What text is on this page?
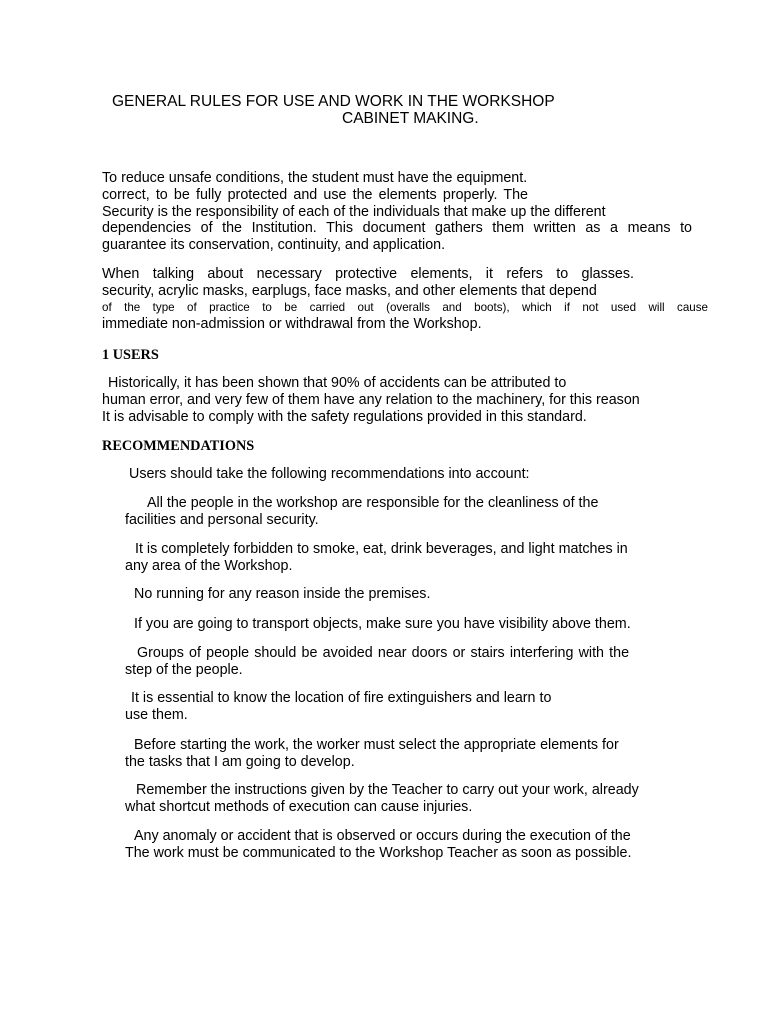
GENERAL RULES FOR USE AND WORK IN THE WORKSHOP
CABINET MAKING.
To reduce unsafe conditions, the student must have the equipment.
correct, to be fully protected and use the elements properly. The
Security is the responsibility of each of the individuals that make up the different
dependencies of the Institution. This document gathers them written as a means to
guarantee its conservation, continuity, and application.
When talking about necessary protective elements, it refers to glasses.
security, acrylic masks, earplugs, face masks, and other elements that depend
of the type of practice to be carried out (overalls and boots), which if not used will cause
immediate non-admission or withdrawal from the Workshop.
1 USERS
Historically, it has been shown that 90% of accidents can be attributed to
human error, and very few of them have any relation to the machinery, for this reason
It is advisable to comply with the safety regulations provided in this standard.
RECOMMENDATIONS
Users should take the following recommendations into account:
All the people in the workshop are responsible for the cleanliness of the
facilities and personal security.
It is completely forbidden to smoke, eat, drink beverages, and light matches in
any area of the Workshop.
No running for any reason inside the premises.
If you are going to transport objects, make sure you have visibility above them.
Groups of people should be avoided near doors or stairs interfering with the
step of the people.
It is essential to know the location of fire extinguishers and learn to
use them.
Before starting the work, the worker must select the appropriate elements for
the tasks that I am going to develop.
Remember the instructions given by the Teacher to carry out your work, already
what shortcut methods of execution can cause injuries.
Any anomaly or accident that is observed or occurs during the execution of the
The work must be communicated to the Workshop Teacher as soon as possible.
